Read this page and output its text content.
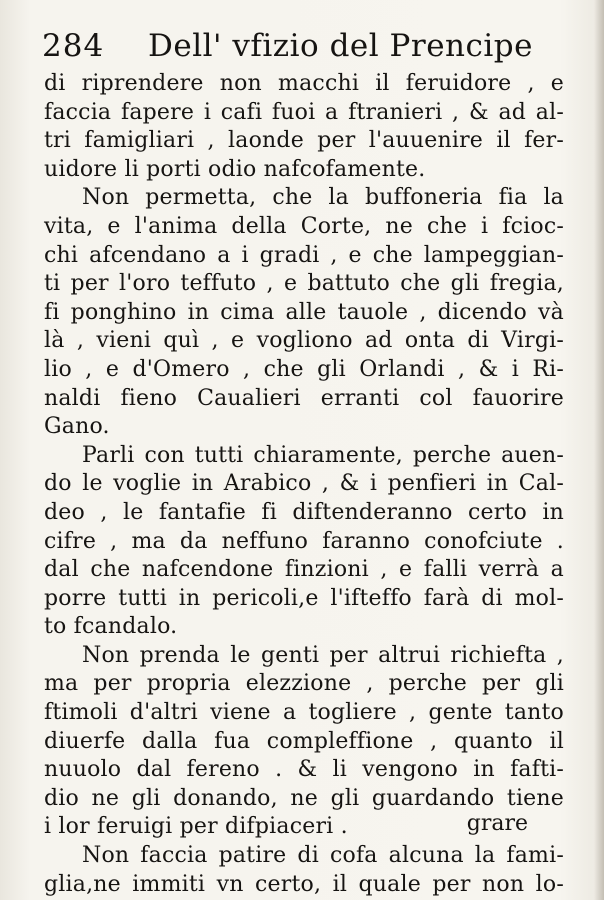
284 Dell' vfizio del Prencipe
di riprendere non macchi il feruidore , e
faccia fapere i cafi fuoi a ftranieri , & ad al-
tri famigliari , laonde per l'auuenire il fer-
uidore li porti odio nafcofamente.
Non permetta, che la buffoneria fia la
vita, e l'anima della Corte, ne che i fcioc-
chi afcendano a i gradi , e che lampeggian-
ti per l'oro teffuto , e battuto che gli fregia,
fi ponghino in cima alle tauole , dicendo và
là , vieni quì , e vogliono ad onta di Virgi-
lio , e d'Omero , che gli Orlandi , & i Ri-
naldi fieno Caualieri erranti col fauorire
Gano.
Parli con tutti chiaramente, perche auen-
do le voglie in Arabico , & i penfieri in Cal-
deo , le fantafie fi diftenderanno certo in
cifre , ma da neffuno faranno conofciute .
dal che nafcendone finzioni , e falli verrà a
porre tutti in pericoli,e l'ifteffo farà di mol-
to fcandalo.
Non prenda le genti per altrui richiefta ,
ma per propria elezzione , perche per gli
ftimoli d'altri viene a togliere , gente tanto
diuerfe dalla fua compleffione , quanto il
nuuolo dal fereno . & li vengono in fafti-
dio ne gli donando, ne gli guardando tiene
i lor feruigi per difpiaceri .
Non faccia patire di cofa alcuna la fami-
glia,ne immiti vn certo, il quale per non lo-
grare
